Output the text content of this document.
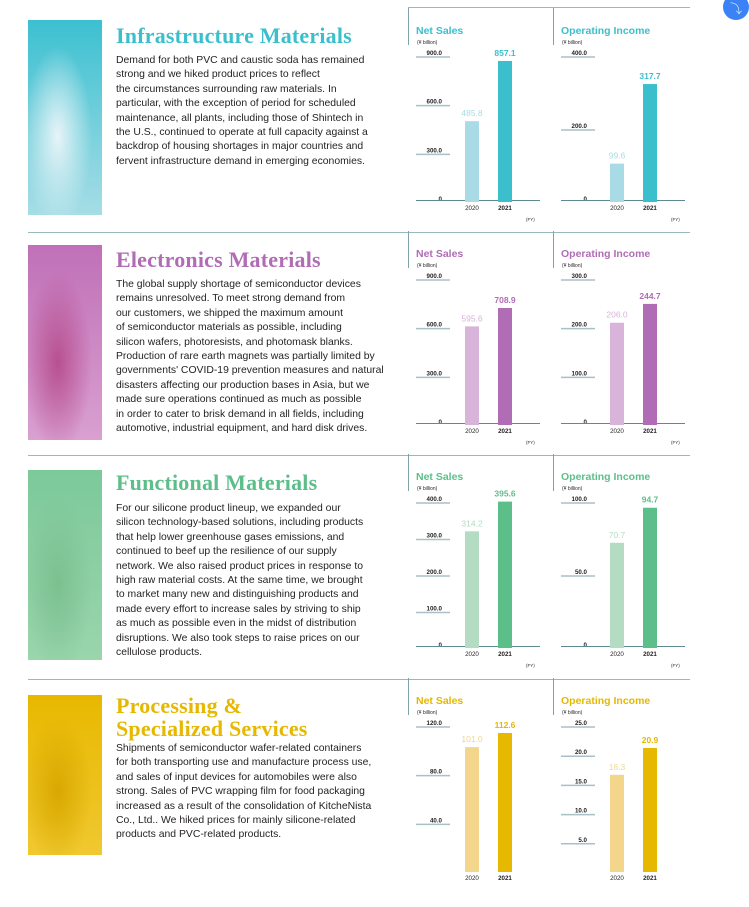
⤵
Infrastructure Materials
Demand for both PVC and caustic soda has remained
strong and we hiked product prices to reflect
the circumstances surrounding raw materials. In
particular, with the exception of period for scheduled
maintenance, all plants, including those of Shintech in
the U.S., continued to operate at full capacity against a
backdrop of housing shortages in major countries and
fervent infrastructure demand in emerging economies.
Net Sales
(¥ billion)
900.0
600.0
300.0
0
485.8
2020
857.1
2021
(FY)
Operating Income
(¥ billion)
400.0
200.0
0
99.6
2020
317.7
2021
(FY)
Electronics Materials
The global supply shortage of semiconductor devices
remains unresolved. To meet strong demand from
our customers, we shipped the maximum amount
of semiconductor materials as possible, including
silicon wafers, photoresists, and photomask blanks.
Production of rare earth magnets was partially limited by
governments' COVID-19 prevention measures and natural
disasters affecting our production bases in Asia, but we
made sure operations continued as much as possible
in order to cater to brisk demand in all fields, including
automotive, industrial equipment, and hard disk drives.
Net Sales
(¥ billion)
900.0
600.0
300.0
0
595.6
2020
708.9
2021
(FY)
Operating Income
(¥ billion)
300.0
200.0
100.0
0
206.0
2020
244.7
2021
(FY)
Functional Materials
For our silicone product lineup, we expanded our
silicon technology-based solutions, including products
that help lower greenhouse gases emissions, and
continued to beef up the resilience of our supply
network. We also raised product prices in response to
high raw material costs. At the same time, we brought
to market many new and distinguishing products and
made every effort to increase sales by striving to ship
as much as possible even in the midst of distribution
disruptions. We also took steps to raise prices on our
cellulose products.
Net Sales
(¥ billion)
400.0
300.0
200.0
100.0
0
314.2
2020
395.6
2021
(FY)
Operating Income
(¥ billion)
100.0
50.0
0
70.7
2020
94.7
2021
(FY)
Processing &
Specialized Services
Shipments of semiconductor wafer-related containers
for both transporting use and manufacture process use,
and sales of input devices for automobiles were also
strong. Sales of PVC wrapping film for food packaging
increased as a result of the consolidation of KitcheNista
Co., Ltd.. We hiked prices for mainly silicone-related
products and PVC-related products.
Net Sales
(¥ billion)
120.0
80.0
40.0
101.0
2020
112.6
2021
Operating Income
(¥ billion)
25.0
20.0
15.0
10.0
5.0
16.3
2020
20.9
2021
